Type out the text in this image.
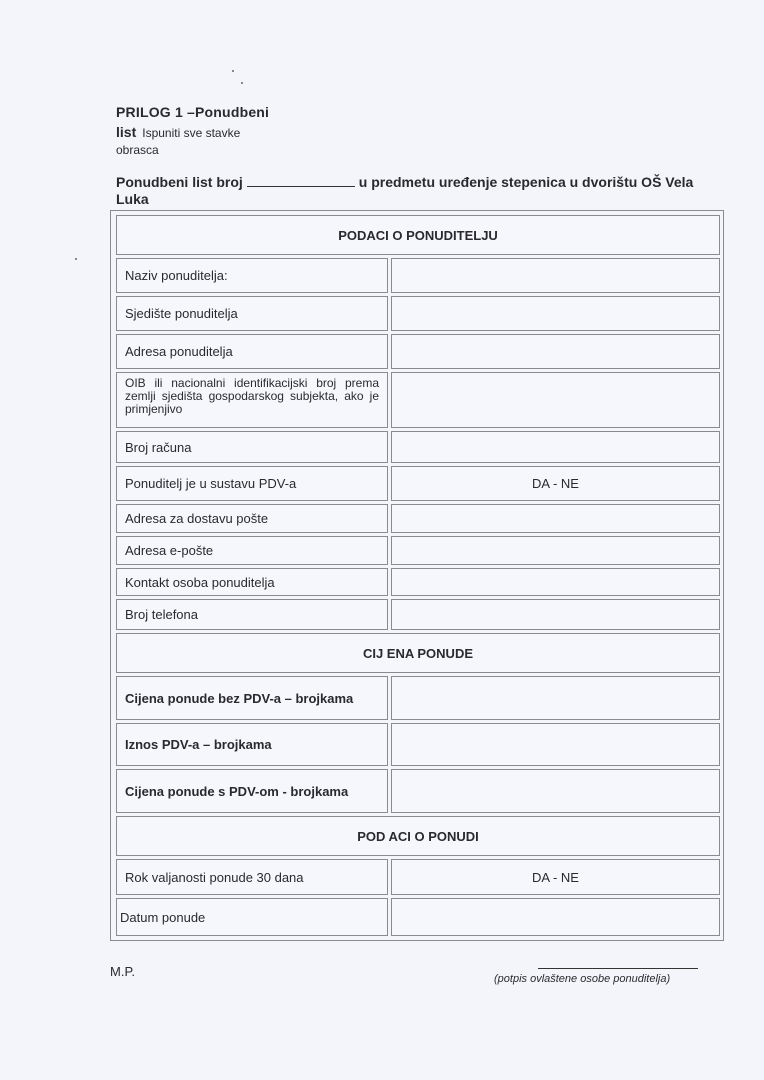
PRILOG 1 –Ponudbeni
list Ispuniti sve stavke
obrasca
Ponudbeni list broj	u predmetu uređenje stepenica u dvorištu OŠ Vela
Luka
PODACI O PONUDITELJU
Naziv ponuditelja:
Sjedište ponuditelja
Adresa ponuditelja
OIB ili nacionalni identifikacijski broj prema zemlji sjedišta gospodarskog subjekta, ako je primjenjivo
Broj računa
Ponuditelj je u sustavu PDV-a	DA - NE
Adresa za dostavu pošte
Adresa e-pošte
Kontakt osoba ponuditelja
Broj telefona
CIJ ENA PONUDE
Cijena ponude bez PDV-a – brojkama
Iznos PDV-a – brojkama
Cijena ponude s PDV-om - brojkama
POD ACI O PONUDI
Rok valjanosti ponude 30 dana	DA - NE
Datum ponude
M.P.	(potpis ovlaštene osobe ponuditelja)
